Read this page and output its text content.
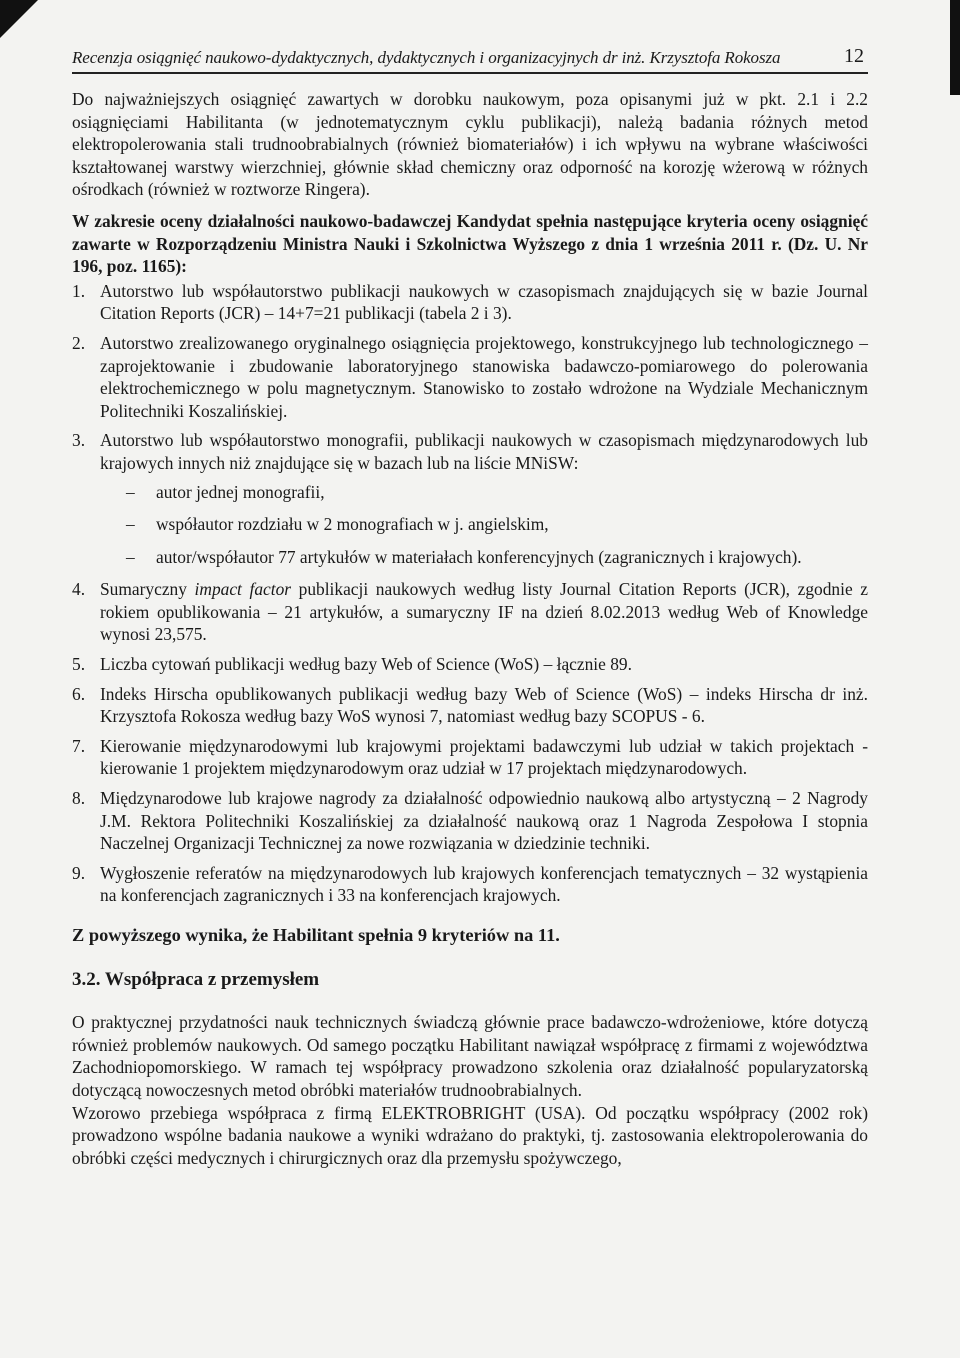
Recenzja osiągnięć naukowo-dydaktycznych, dydaktycznych i organizacyjnych dr inż. Krzysztofa Rokosza	12

Do najważniejszych osiągnięć zawartych w dorobku naukowym, poza opisanymi już w pkt. 2.1 i 2.2 osiągnięciami Habilitanta (w jednotematycznym cyklu publikacji), należą badania różnych metod elektropolerowania stali trudnoobrabialnych (również biomateriałów) i ich wpływu na wybrane właściwości kształtowanej warstwy wierzchniej, głównie skład chemiczny oraz odporność na korozję wżerową w różnych ośrodkach (również w roztworze Ringera).

W zakresie oceny działalności naukowo-badawczej Kandydat spełnia następujące kryteria oceny osiągnięć zawarte w Rozporządzeniu Ministra Nauki i Szkolnictwa Wyższego z dnia 1 września 2011 r. (Dz. U. Nr 196, poz. 1165):

1. Autorstwo lub współautorstwo publikacji naukowych w czasopismach znajdujących się w bazie Journal Citation Reports (JCR) – 14+7=21 publikacji (tabela 2 i 3).
2. Autorstwo zrealizowanego oryginalnego osiągnięcia projektowego, konstrukcyjnego lub technologicznego – zaprojektowanie i zbudowanie laboratoryjnego stanowiska badawczo-pomiarowego do polerowania elektrochemicznego w polu magnetycznym. Stanowisko to zostało wdrożone na Wydziale Mechanicznym Politechniki Koszalińskiej.
3. Autorstwo lub współautorstwo monografii, publikacji naukowych w czasopismach międzynarodowych lub krajowych innych niż znajdujące się w bazach lub na liście MNiSW:
– autor jednej monografii,
– współautor rozdziału w 2 monografiach w j. angielskim,
– autor/współautor 77 artykułów w materiałach konferencyjnych (zagranicznych i krajowych).
4. Sumaryczny impact factor publikacji naukowych według listy Journal Citation Reports (JCR), zgodnie z rokiem opublikowania – 21 artykułów, a sumaryczny IF na dzień 8.02.2013 według Web of Knowledge wynosi 23,575.
5. Liczba cytowań publikacji według bazy Web of Science (WoS) – łącznie 89.
6. Indeks Hirscha opublikowanych publikacji według bazy Web of Science (WoS) – indeks Hirscha dr inż. Krzysztofa Rokosza według bazy WoS wynosi 7, natomiast według bazy SCOPUS - 6.
7. Kierowanie międzynarodowymi lub krajowymi projektami badawczymi lub udział w takich projektach - kierowanie 1 projektem międzynarodowym oraz udział w 17 projektach międzynarodowych.
8. Międzynarodowe lub krajowe nagrody za działalność odpowiednio naukową albo artystyczną – 2 Nagrody J.M. Rektora Politechniki Koszalińskiej za działalność naukową oraz 1 Nagroda Zespołowa I stopnia Naczelnej Organizacji Technicznej za nowe rozwiązania w dziedzinie techniki.
9. Wygłoszenie referatów na międzynarodowych lub krajowych konferencjach tematycznych – 32 wystąpienia na konferencjach zagranicznych i 33 na konferencjach krajowych.

Z powyższego wynika, że Habilitant spełnia 9 kryteriów na 11.

3.2. Współpraca z przemysłem

O praktycznej przydatności nauk technicznych świadczą głównie prace badawczo-wdrożeniowe, które dotyczą również problemów naukowych. Od samego początku Habilitant nawiązał współpracę z firmami z województwa Zachodniopomorskiego. W ramach tej współpracy prowadzono szkolenia oraz działalność popularyzatorską dotyczącą nowoczesnych metod obróbki materiałów trudnoobrabialnych.

Wzorowo przebiega współpraca z firmą ELEKTROBRIGHT (USA). Od początku współpracy (2002 rok) prowadzono wspólne badania naukowe a wyniki wdrażano do praktyki, tj. zastosowania elektropolerowania do obróbki części medycznych i chirurgicznych oraz dla przemysłu spożywczego,
